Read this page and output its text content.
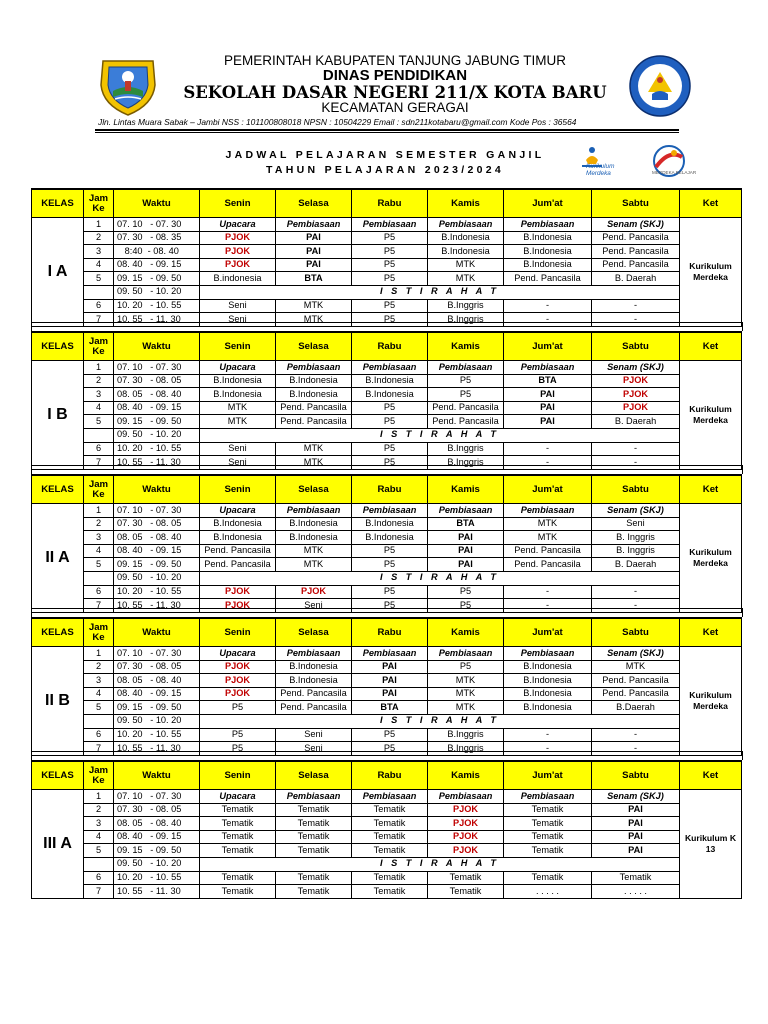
PEMERINTAH KABUPATEN TANJUNG JABUNG TIMUR
DINAS PENDIDIKAN
SEKOLAH DASAR NEGERI 211/X KOTA BARU
KECAMATAN GERAGAI
Jln. Lintas Muara Sabak – Jambi NSS : 101100808018 NPSN : 10504229 Email : sdn211kotabaru@gmail.com Kode Pos : 36564
JADWAL PELAJARAN SEMESTER GANJIL
TAHUN PELAJARAN 2023/2024	Kurikulum
Merdeka	MERDEKA BELAJAR
KELAS	Jam Ke	Waktu	Senin	Selasa	Rabu	Kamis	Jum'at	Sabtu	Ket
I A	1	07. 10   - 07. 30	Upacara	Pembiasaan	Pembiasaan	Pembiasaan	Pembiasaan	Senam (SKJ)	Kurikulum Merdeka
	2	07. 30   - 08. 35	PJOK	PAI	P5	B.Indonesia	B.Indonesia	Pend. Pancasila	
	3	8:40  - 08. 40	PJOK	PAI	P5	B.Indonesia	B.Indonesia	Pend. Pancasila	
	4	08. 40   - 09. 15	PJOK	PAI	P5	MTK	B.Indonesia	Pend. Pancasila	
	5	09. 15   - 09. 50	B.indonesia	BTA	P5	MTK	Pend. Pancasila	B. Daerah	
		09. 50   - 10. 20	I S T I R A H A T						
	6	10. 20   - 10. 55	Seni	MTK	P5	B.Inggris	-	-	
	7	10. 55   - 11. 30	Seni	MTK	P5	B.Inggris	-	-	
KELAS	Jam Ke	Waktu	Senin	Selasa	Rabu	Kamis	Jum'at	Sabtu	Ket
I B	1	07. 10   - 07. 30	Upacara	Pembiasaan	Pembiasaan	Pembiasaan	Pembiasaan	Senam (SKJ)	Kurikulum Merdeka
	2	07. 30   - 08. 05	B.Indonesia	B.Indonesia	B.Indonesia	P5	BTA	PJOK	
	3	08. 05   - 08. 40	B.Indonesia	B.Indonesia	B.Indonesia	P5	PAI	PJOK	
	4	08. 40   - 09. 15	MTK	Pend. Pancasila	P5	Pend. Pancasila	PAI	PJOK	
	5	09. 15   - 09. 50	MTK	Pend. Pancasila	P5	Pend. Pancasila	PAI	B. Daerah	
		09. 50   - 10. 20	I S T I R A H A T						
	6	10. 20   - 10. 55	Seni	MTK	P5	B.Inggris	-	-	
	7	10. 55   - 11. 30	Seni	MTK	P5	B.Inggris	-	-	
KELAS	Jam Ke	Waktu	Senin	Selasa	Rabu	Kamis	Jum'at	Sabtu	Ket
II A	1	07. 10   - 07. 30	Upacara	Pembiasaan	Pembiasaan	Pembiasaan	Pembiasaan	Senam (SKJ)	Kurikulum Merdeka
	2	07. 30   - 08. 05	B.Indonesia	B.Indonesia	B.Indonesia	BTA	MTK	Seni	
	3	08. 05   - 08. 40	B.Indonesia	B.Indonesia	B.Indonesia	PAI	MTK	B. Inggris	
	4	08. 40   - 09. 15	Pend. Pancasila	MTK	P5	PAI	Pend. Pancasila	B. Inggris	
	5	09. 15   - 09. 50	Pend. Pancasila	MTK	P5	PAI	Pend. Pancasila	B. Daerah	
		09. 50   - 10. 20	I S T I R A H A T						
	6	10. 20   - 10. 55	PJOK	PJOK	P5	P5	-	-	
	7	10. 55   - 11. 30	PJOK	Seni	P5	P5	-	-	
KELAS	Jam Ke	Waktu	Senin	Selasa	Rabu	Kamis	Jum'at	Sabtu	Ket
II B	1	07. 10   - 07. 30	Upacara	Pembiasaan	Pembiasaan	Pembiasaan	Pembiasaan	Senam (SKJ)	Kurikulum Merdeka
	2	07. 30   - 08. 05	PJOK	B.Indonesia	PAI	P5	B.Indonesia	MTK	
	3	08. 05   - 08. 40	PJOK	B.Indonesia	PAI	MTK	B.Indonesia	Pend. Pancasila	
	4	08. 40   - 09. 15	PJOK	Pend. Pancasila	PAI	MTK	B.Indonesia	Pend. Pancasila	
	5	09. 15   - 09. 50	P5	Pend. Pancasila	BTA	MTK	B.Indonesia	B.Daerah	
		09. 50   - 10. 20	I S T I R A H A T						
	6	10. 20   - 10. 55	P5	Seni	P5	B.Inggris	-	-	
	7	10. 55   - 11. 30	P5	Seni	P5	B.Inggris	-	-	
KELAS	Jam Ke	Waktu	Senin	Selasa	Rabu	Kamis	Jum'at	Sabtu	Ket
III A	1	07. 10   - 07. 30	Upacara	Pembiasaan	Pembiasaan	Pembiasaan	Pembiasaan	Senam (SKJ)	Kurikulum K 13
	2	07. 30   - 08. 05	Tematik	Tematik	Tematik	PJOK	Tematik	PAI	
	3	08. 05   - 08. 40	Tematik	Tematik	Tematik	PJOK	Tematik	PAI	
	4	08. 40   - 09. 15	Tematik	Tematik	Tematik	PJOK	Tematik	PAI	
	5	09. 15   - 09. 50	Tematik	Tematik	Tematik	PJOK	Tematik	PAI	
		09. 50   - 10. 20	I S T I R A H A T						
	6	10. 20   - 10. 55	Tematik	Tematik	Tematik	Tematik	Tematik	Tematik	
	7	10. 55   - 11. 30	Tematik	Tematik	Tematik	Tematik	. . . . .	. . . . .	
